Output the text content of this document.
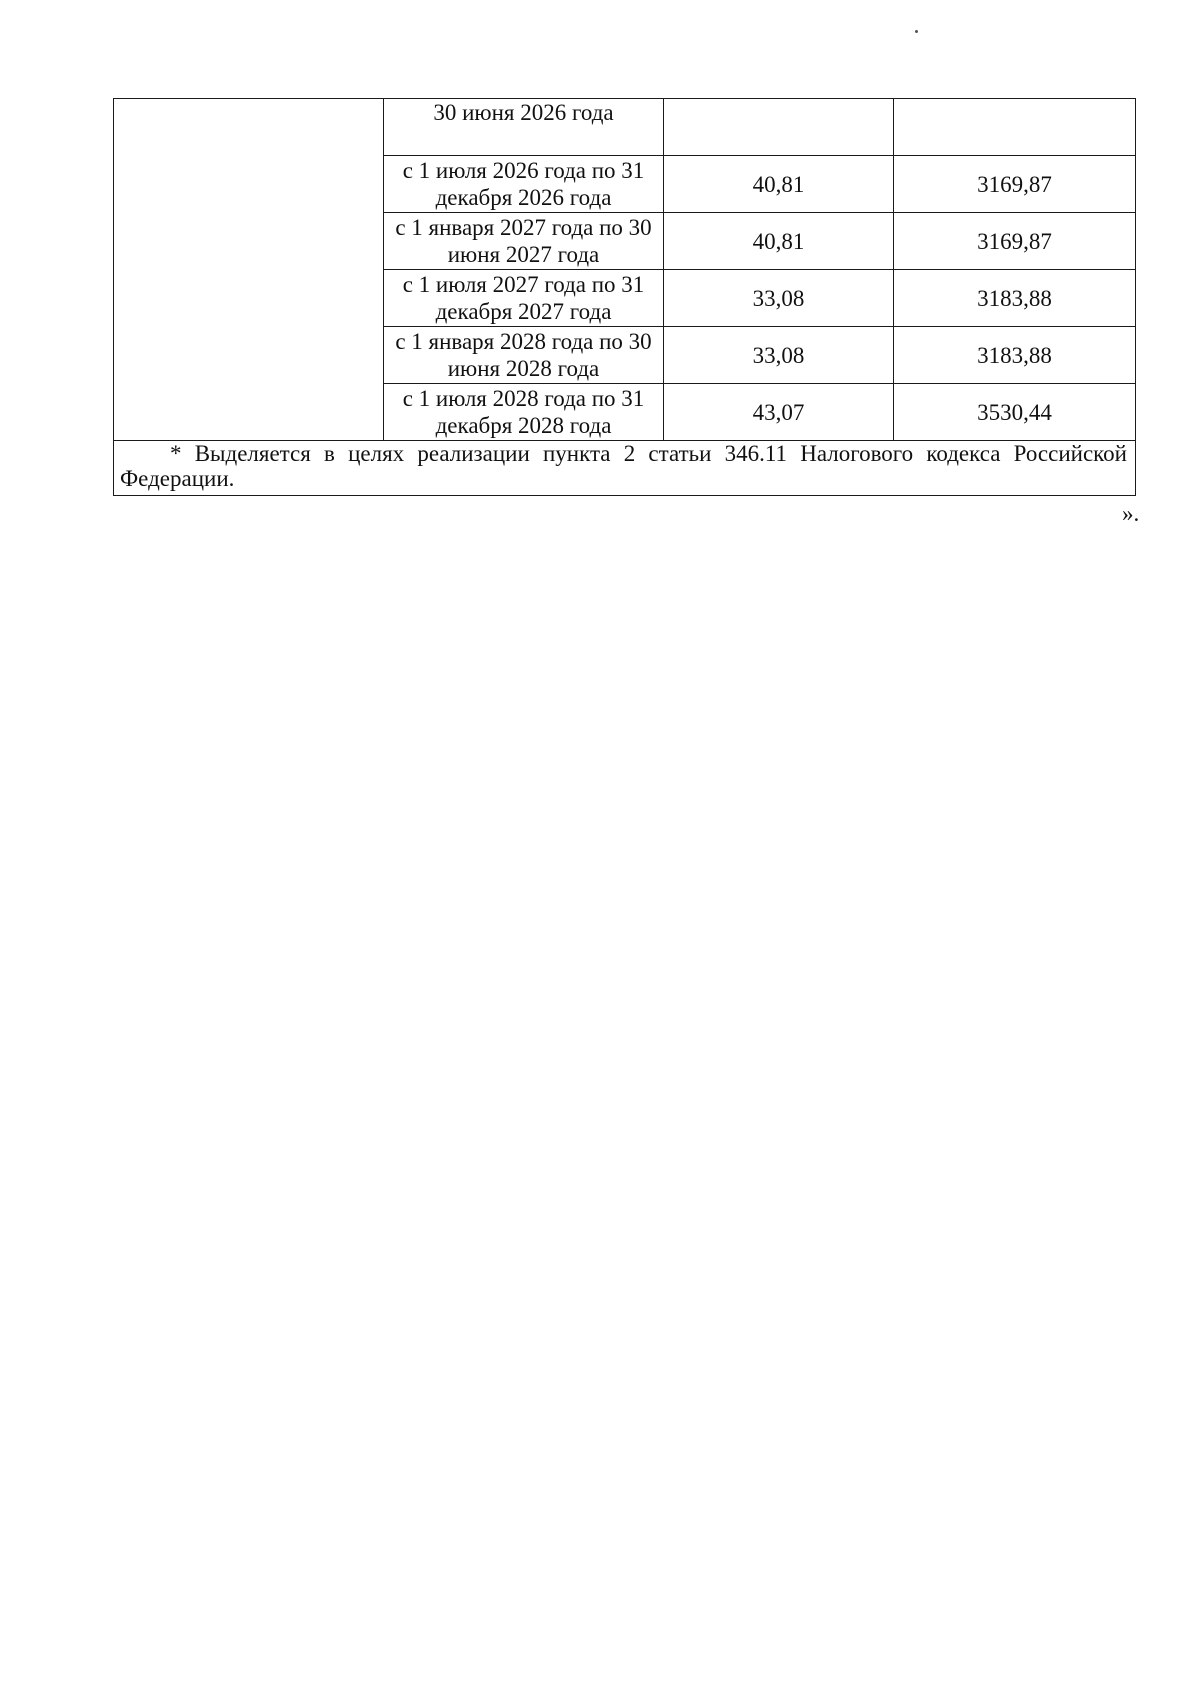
	30 июня 2026 года		
	с 1 июля 2026 года по 31 декабря 2026 года	40,81	3169,87
	с 1 января 2027 года по 30 июня 2027 года	40,81	3169,87
	с 1 июля 2027 года по 31 декабря 2027 года	33,08	3183,88
	с 1 января 2028 года по 30 июня 2028 года	33,08	3183,88
	с 1 июля 2028 года по 31 декабря 2028 года	43,07	3530,44
* Выделяется в целях реализации пункта 2 статьи 346.11 Налогового кодекса Российской Федерации.			
».
